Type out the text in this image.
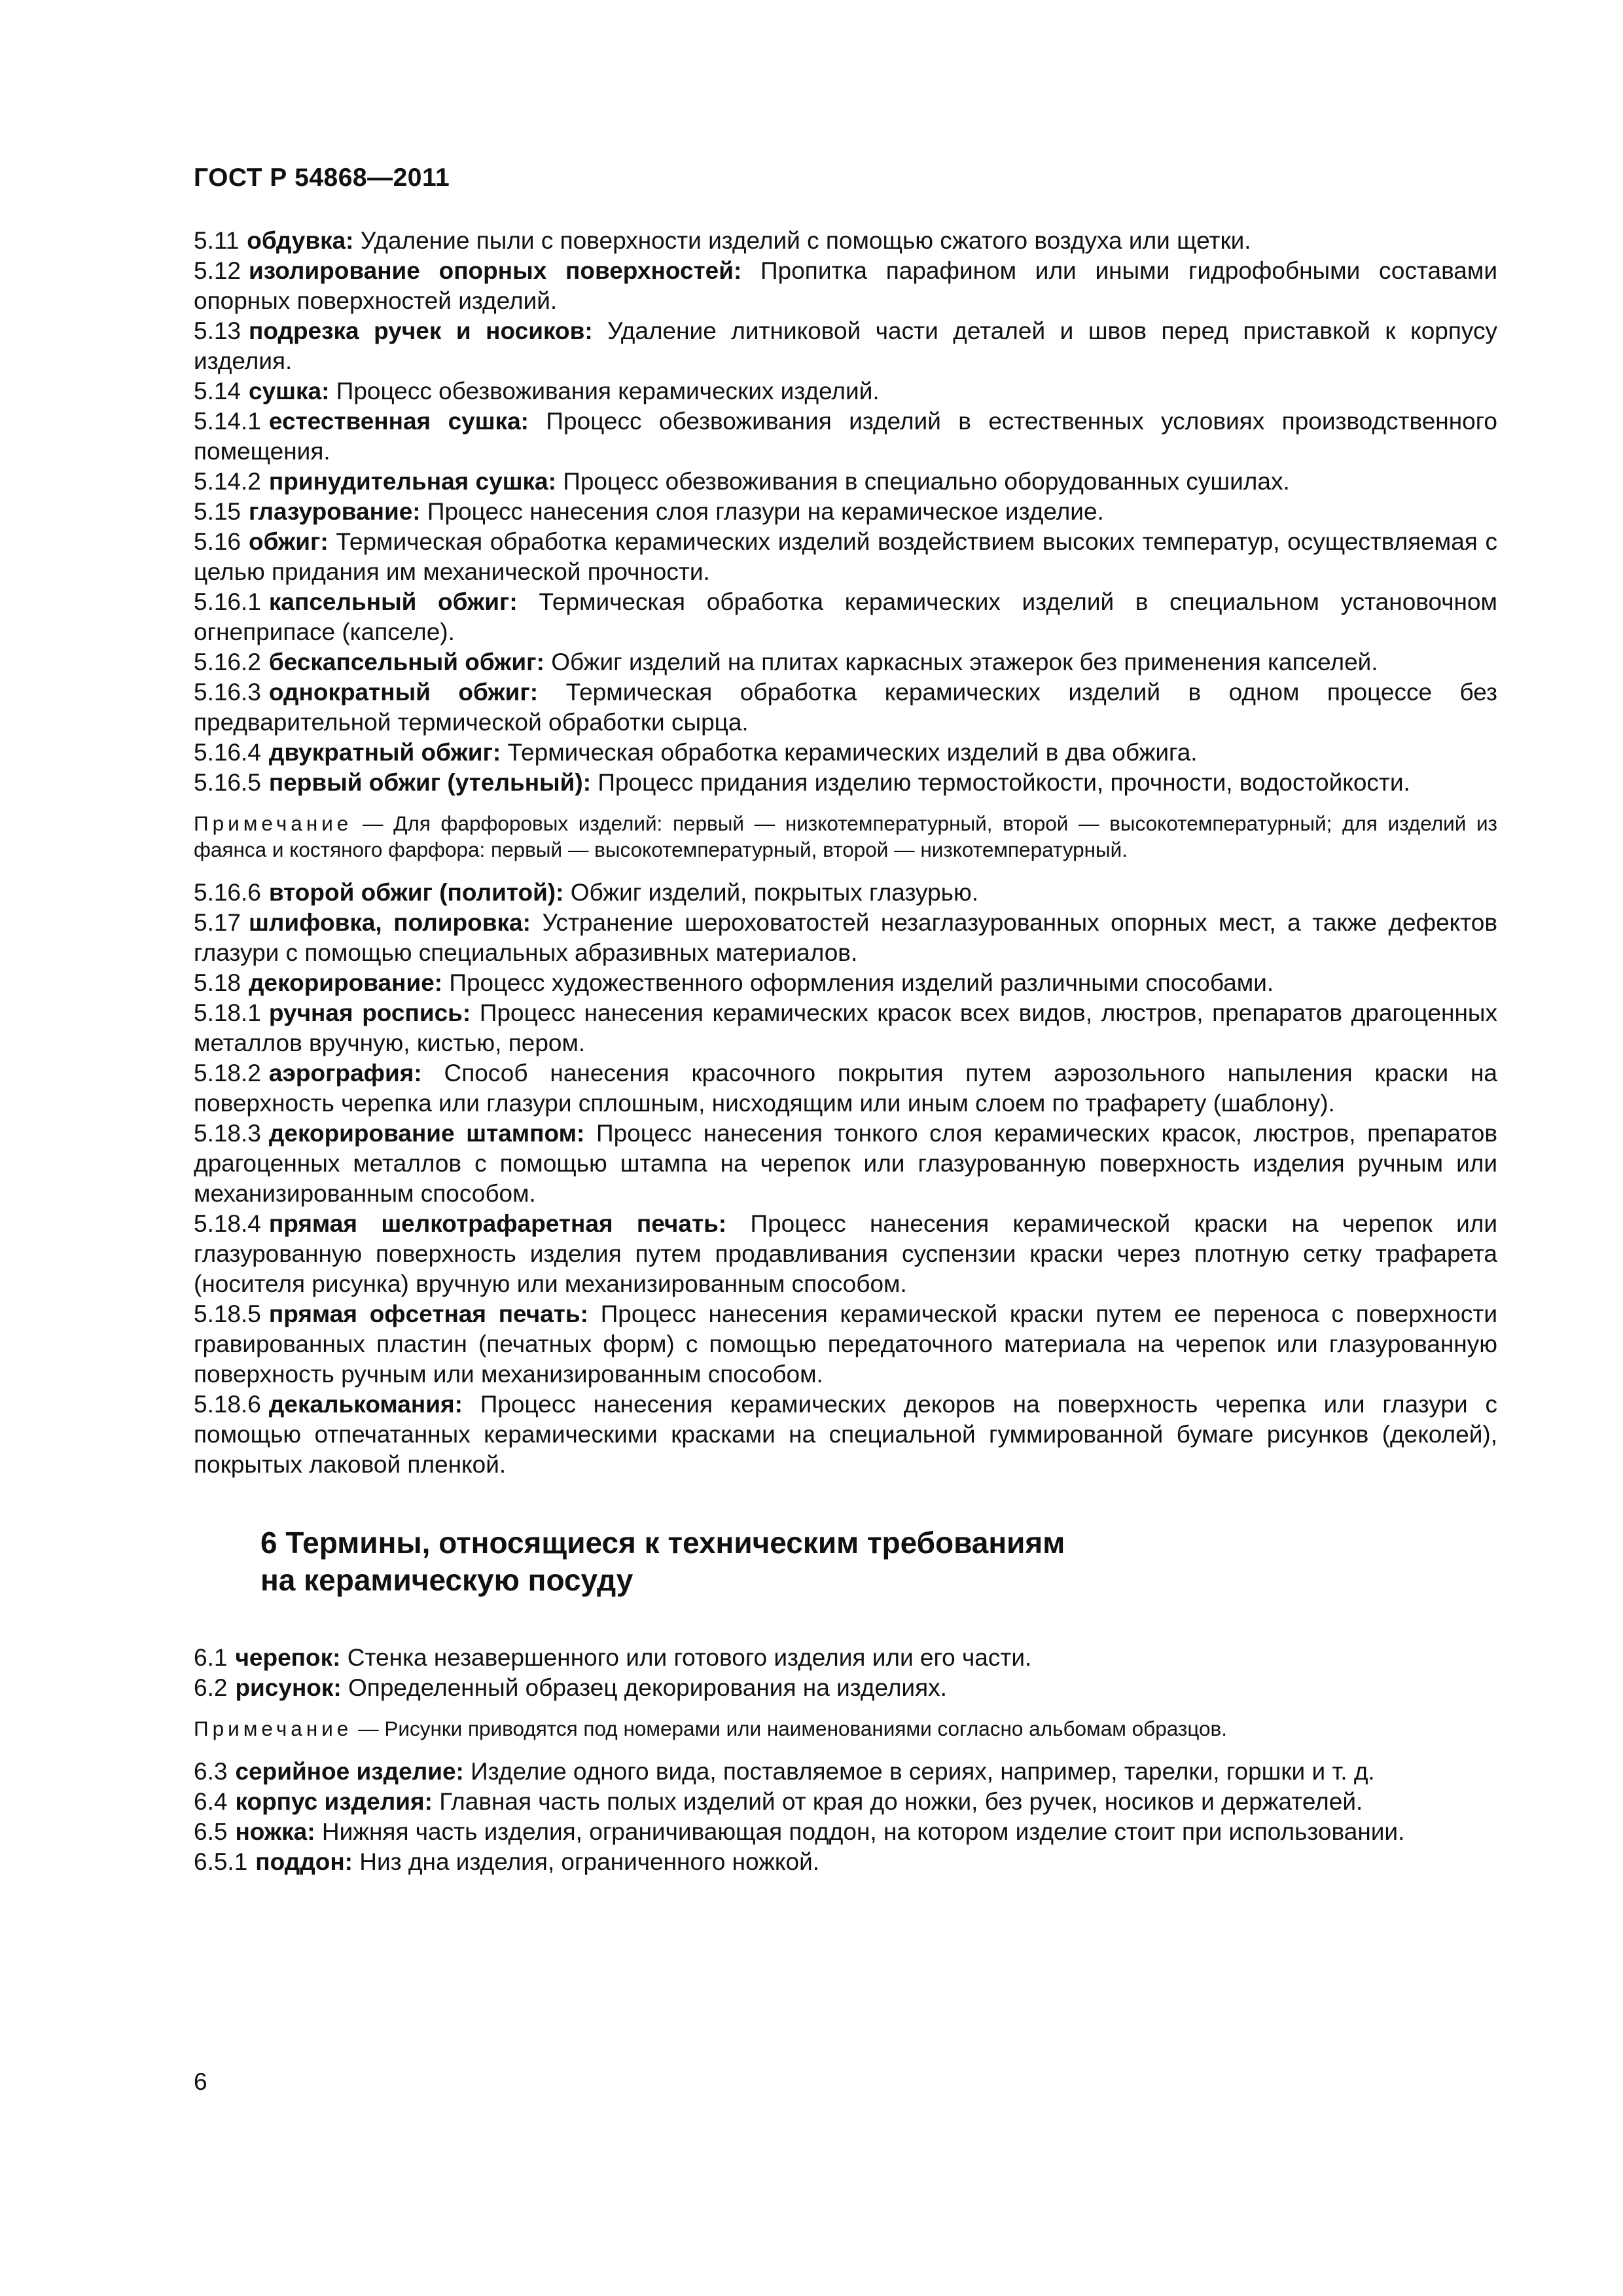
ГОСТ Р 54868—2011

5.11 обдувка: Удаление пыли с поверхности изделий с помощью сжатого воздуха или щетки.

5.12 изолирование опорных поверхностей: Пропитка парафином или иными гидрофобными составами опорных поверхностей изделий.

5.13 подрезка ручек и носиков: Удаление литниковой части деталей и швов перед приставкой к корпусу изделия.

5.14 сушка: Процесс обезвоживания керамических изделий.

5.14.1 естественная сушка: Процесс обезвоживания изделий в естественных условиях производственного помещения.

5.14.2 принудительная сушка: Процесс обезвоживания в специально оборудованных сушилах.

5.15 глазурование: Процесс нанесения слоя глазури на керамическое изделие.

5.16 обжиг: Термическая обработка керамических изделий воздействием высоких температур, осуществляемая с целью придания им механической прочности.

5.16.1 капсельный обжиг: Термическая обработка керамических изделий в специальном установочном огнеприпасе (капселе).

5.16.2 бескапсельный обжиг: Обжиг изделий на плитах каркасных этажерок без применения капселей.

5.16.3 однократный обжиг: Термическая обработка керамических изделий в одном процессе без предварительной термической обработки сырца.

5.16.4 двукратный обжиг: Термическая обработка керамических изделий в два обжига.

5.16.5 первый обжиг (утельный): Процесс придания изделию термостойкости, прочности, водостойкости.

Примечание — Для фарфоровых изделий: первый — низкотемпературный, второй — высокотемпературный; для изделий из фаянса и костяного фарфора: первый — высокотемпературный, второй — низкотемпературный.

5.16.6 второй обжиг (политой): Обжиг изделий, покрытых глазурью.

5.17 шлифовка, полировка: Устранение шероховатостей незаглазурованных опорных мест, а также дефектов глазури с помощью специальных абразивных материалов.

5.18 декорирование: Процесс художественного оформления изделий различными способами.

5.18.1 ручная роспись: Процесс нанесения керамических красок всех видов, люстров, препаратов драгоценных металлов вручную, кистью, пером.

5.18.2 аэрография: Способ нанесения красочного покрытия путем аэрозольного напыления краски на поверхность черепка или глазури сплошным, нисходящим или иным слоем по трафарету (шаблону).

5.18.3 декорирование штампом: Процесс нанесения тонкого слоя керамических красок, люстров, препаратов драгоценных металлов с помощью штампа на черепок или глазурованную поверхность изделия ручным или механизированным способом.

5.18.4 прямая шелкотрафаретная печать: Процесс нанесения керамической краски на черепок или глазурованную поверхность изделия путем продавливания суспензии краски через плотную сетку трафарета (носителя рисунка) вручную или механизированным способом.

5.18.5 прямая офсетная печать: Процесс нанесения керамической краски путем ее переноса с поверхности гравированных пластин (печатных форм) с помощью передаточного материала на черепок или глазурованную поверхность ручным или механизированным способом.

5.18.6 декалькомания: Процесс нанесения керамических декоров на поверхность черепка или глазури с помощью отпечатанных керамическими красками на специальной гуммированной бумаге рисунков (деколей), покрытых лаковой пленкой.

6 Термины, относящиеся к техническим требованиям
на керамическую посуду

6.1 черепок: Стенка незавершенного или готового изделия или его части.

6.2 рисунок: Определенный образец декорирования на изделиях.

Примечание — Рисунки приводятся под номерами или наименованиями согласно альбомам образцов.

6.3 серийное изделие: Изделие одного вида, поставляемое в сериях, например, тарелки, горшки и т. д.

6.4 корпус изделия: Главная часть полых изделий от края до ножки, без ручек, носиков и держателей.

6.5 ножка: Нижняя часть изделия, ограничивающая поддон, на котором изделие стоит при использовании.

6.5.1 поддон: Низ дна изделия, ограниченного ножкой.

6
